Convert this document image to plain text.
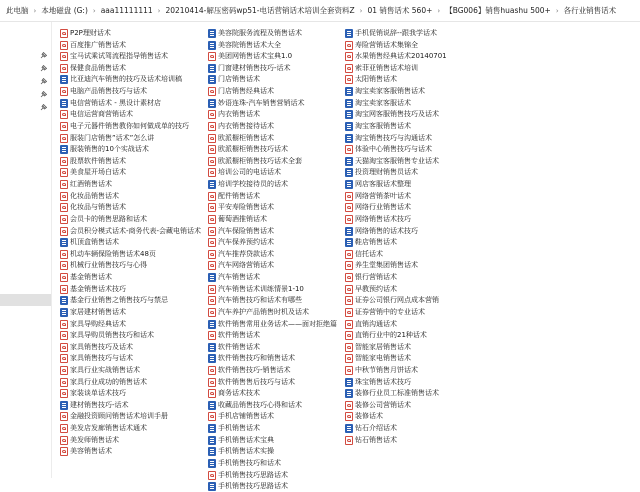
此电脑 › 本地磁盘 (G:) › aaa11111111 › 20210414-解压密码wp51-电话营销话术培训全套资料Z › 01 销售话术 560+ › 【BG006】销售huashu 500+ › 各行业销售话术
P2P理财话术
百度推广销售话术
宝马试乘试驾流程指导销售话术
保健食品销售话术
比亚迪汽车销售的技巧及话术培训稿
电脑产品销售技巧与话术
电信营销话术 - 黑设计素材店
电信运营商营销话术
电子元器件销售教你如何做成单的技巧
服装门店销售”话术”怎么讲
服装销售的10个实战话术
股票软件销售话术
美食屋开场白话术
红酒销售话术
化妆品销售话术
化妆品与销售话术
会员卡的销售思路和话术
会员积分模式话术-商务代表-会藏电销话术
机顶盒销售话术
机动车辆保险销售话术48页
机械行业销售技巧与心得
基金销售话术
基金销售话术技巧
基金行业销售之销售技巧与禁忌
家居建材销售话术
家具导购经典话术
家具导购员销售技巧和话术
家具销售技巧及话术
家具销售技巧与话术
家具行业实战销售话术
家具行业成功的销售话术
家装谈单话术技巧
建材销售技巧-话术
金融投资顾问销售话术培训手册
美发店发廊销售话术通术
美发师销售话术
美容销售话术
美容院服务流程及销售话术
美容院销售话术大全
美团网销售话术宝典1.0
门窗建材销售技巧-话术
门店销售话术
门店销售经典话术
妙语连珠-汽车销售营销话术
内衣销售话术
内衣销售接待话术
欧派橱柜销售话术
欧派橱柜销售技巧话术
欧派橱柜销售技巧话术全套
培训公司的电话话术
培训学校接待员的话术
配件销售话术
平安寿险销售话术
葡萄酒推销话术
汽车保险销售话术
汽车保养预约话术
汽车推荐贷款话术
汽车网络营销话术
汽车销售话术
汽车销售话术训练情景1-10
汽车销售技巧和话术有哪些
汽车养护产品销售时机及话术
软件销售常用业务话术——面对拒绝篇
软件销售话术
软件销售话术
软件销售技巧和销售话术
软件销售技巧-销售话术
软件销售售后技巧与话术
商务话术技术
收藏品销售技巧心得和话术
手机店铺销售话术
手机销售话术
手机销售话术宝典
手机销售话术实操
手机销售技巧和话术
手机销售技巧思路话术
手机销售技巧思路话术
手机促销说辞--跟我学话术
寿险营销话术集锦全
水果销售经典话术20140701
索菲亚销售话术培训
太阳销售话术
淘宝卖家客服销售话术
淘宝卖家客服话术
淘宝网客服销售技巧及话术
淘宝客服销售话术
淘宝销售技巧与沟通话术
体验中心销售技巧与话术
天猫淘宝客服销售专业话术
投资理财销售员话术
网店客服话术整理
网络营销茶叶话术
网络行业销售话术
网络销售话术技巧
网络销售的话术技巧
鞋店销售话术
信托话术
养生堂集团销售话术
银行营销话术
早教预约话术
证券公司银行网点成本营销
证券营销中的专业话术
直销沟通话术
直销行业中的21种话术
智能家居销售话术
智能家电销售话术
中秋节销售月饼话术
珠宝销售话术技巧
装修行业员工标准销售话术
装修公司营销话术
装修话术
钻石介绍话术
钻石销售话术
